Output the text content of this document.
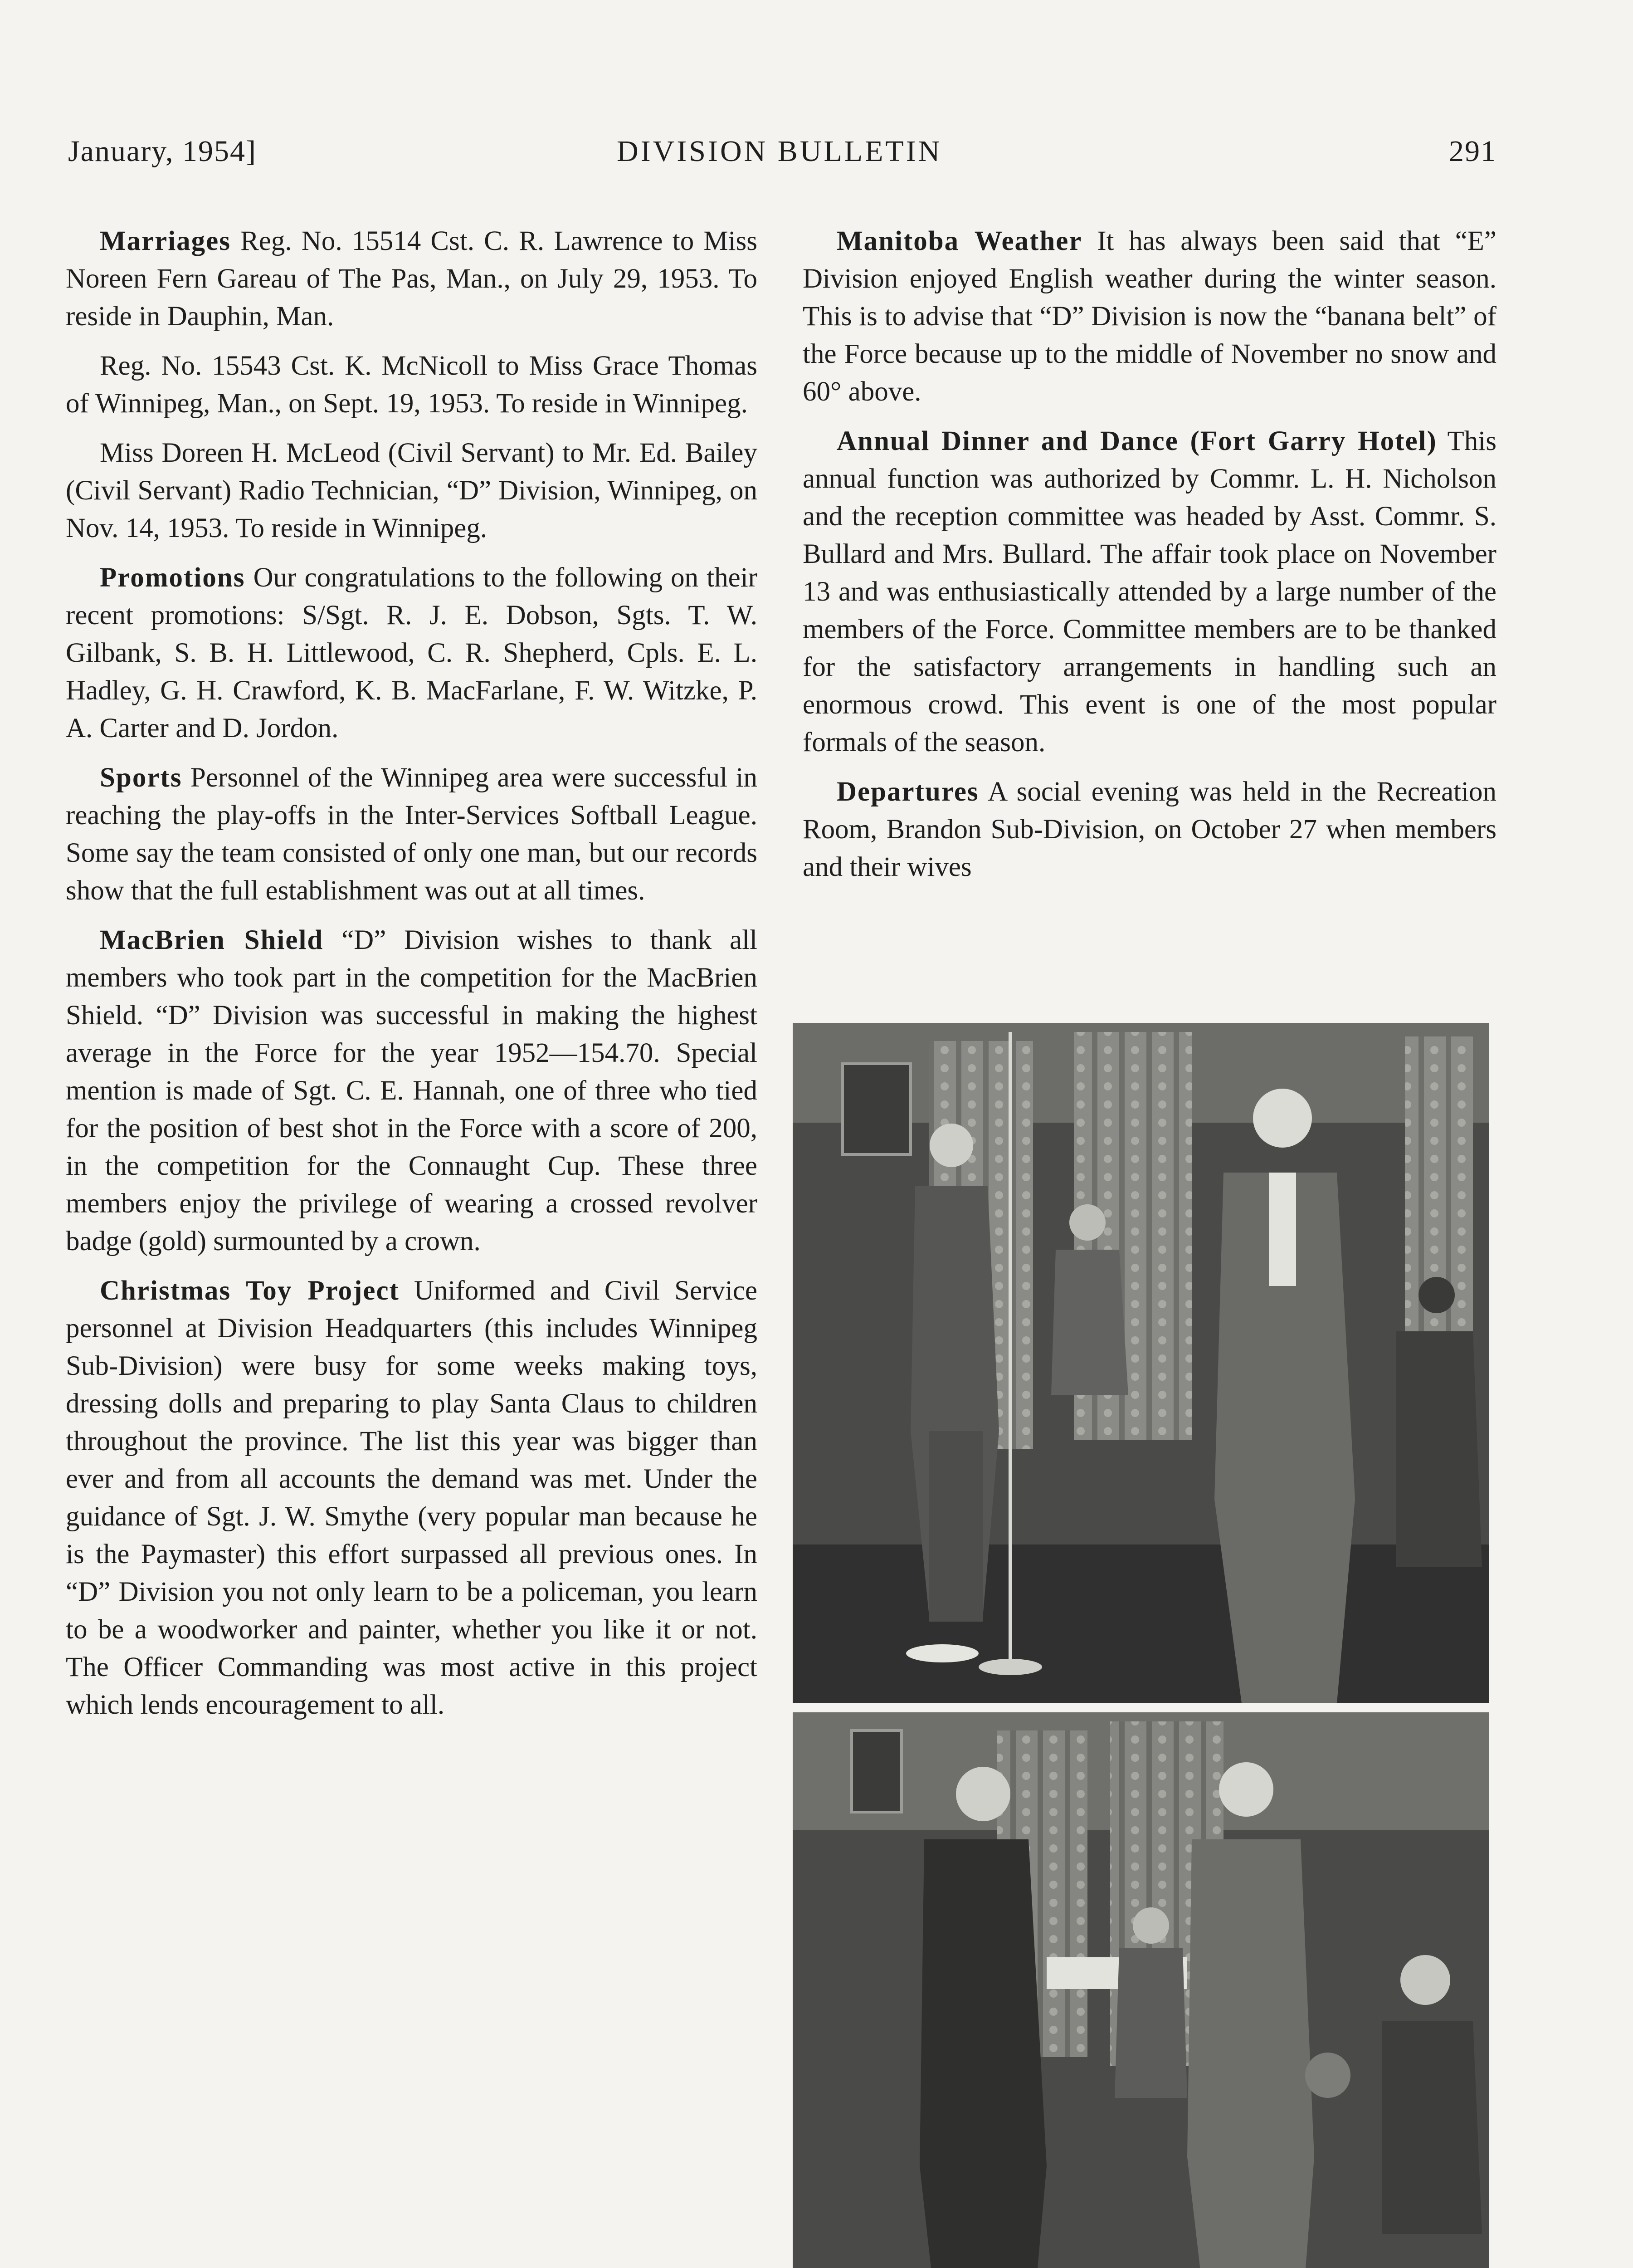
January, 1954]	DIVISION BULLETIN	291

Marriages Reg. No. 15514 Cst. C. R. Lawrence to Miss Noreen Fern Gareau of The Pas, Man., on July 29, 1953. To reside in Dauphin, Man.

Reg. No. 15543 Cst. K. McNicoll to Miss Grace Thomas of Winnipeg, Man., on Sept. 19, 1953. To reside in Winnipeg.

Miss Doreen H. McLeod (Civil Servant) to Mr. Ed. Bailey (Civil Servant) Radio Technician, “D” Division, Winnipeg, on Nov. 14, 1953. To reside in Winnipeg.

Promotions Our congratulations to the following on their recent promotions: S/Sgt. R. J. E. Dobson, Sgts. T. W. Gilbank, S. B. H. Littlewood, C. R. Shepherd, Cpls. E. L. Hadley, G. H. Crawford, K. B. MacFarlane, F. W. Witzke, P. A. Carter and D. Jordon.

Sports Personnel of the Winnipeg area were successful in reaching the play-offs in the Inter-Services Softball League. Some say the team consisted of only one man, but our records show that the full establishment was out at all times.

MacBrien Shield “D” Division wishes to thank all members who took part in the competition for the MacBrien Shield. “D” Division was successful in making the highest average in the Force for the year 1952—154.70. Special mention is made of Sgt. C. E. Hannah, one of three who tied for the position of best shot in the Force with a score of 200, in the competition for the Connaught Cup. These three members enjoy the privilege of wearing a crossed revolver badge (gold) surmounted by a crown.

Christmas Toy Project Uniformed and Civil Service personnel at Division Headquarters (this includes Winnipeg Sub-Division) were busy for some weeks making toys, dressing dolls and preparing to play Santa Claus to children throughout the province. The list this year was bigger than ever and from all accounts the demand was met. Under the guidance of Sgt. J. W. Smythe (very popular man because he is the Paymaster) this effort surpassed all previous ones. In “D” Division you not only learn to be a policeman, you learn to be a woodworker and painter, whether you like it or not. The Officer Commanding was most active in this project which lends encouragement to all.

Manitoba Weather It has always been said that “E” Division enjoyed English weather during the winter season. This is to advise that “D” Division is now the “banana belt” of the Force because up to the middle of November no snow and 60° above.

Annual Dinner and Dance (Fort Garry Hotel) This annual function was authorized by Commr. L. H. Nicholson and the reception committee was headed by Asst. Commr. S. Bullard and Mrs. Bullard. The affair took place on November 13 and was enthusiastically attended by a large number of the members of the Force. Committee members are to be thanked for the satisfactory arrangements in handling such an enormous crowd. This event is one of the most popular formals of the season.

Departures A social evening was held in the Recreation Room, Brandon Sub-Division, on October 27 when members and their wives
